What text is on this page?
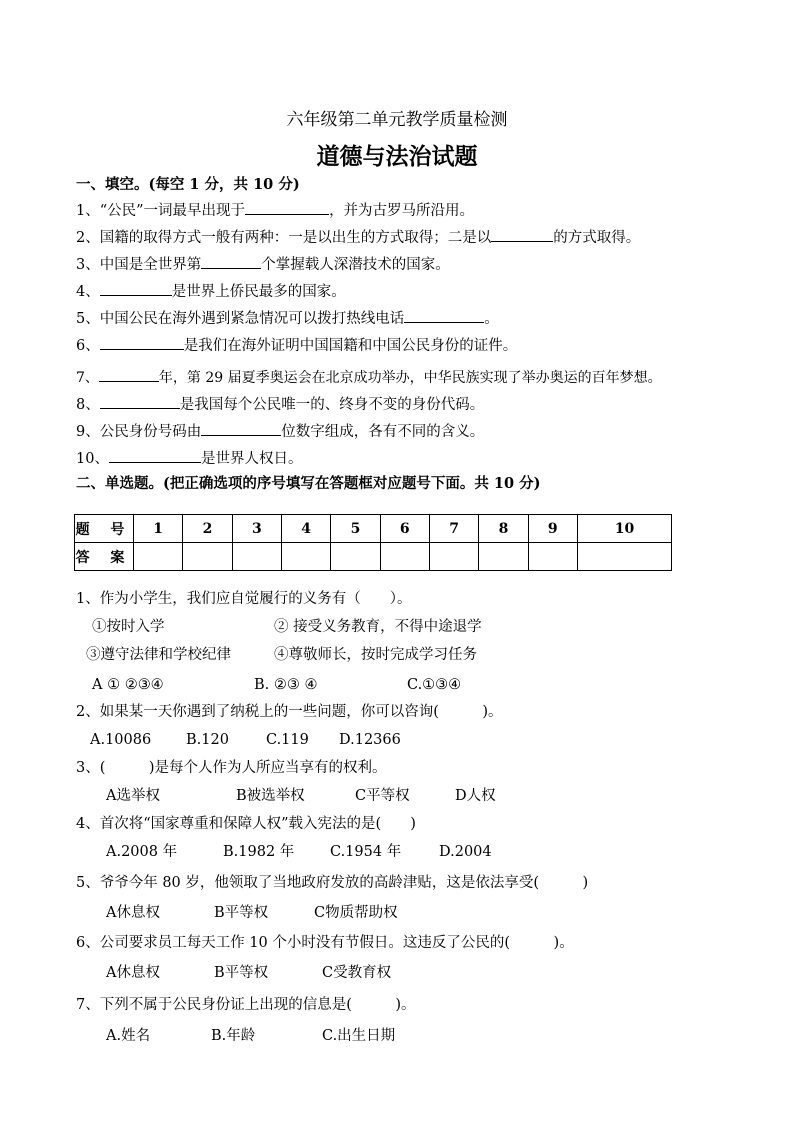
六年级第二单元教学质量检测
道德与法治试题
一、填空。(每空 1 分，共 10 分)
1、“公民”一词最早出现于	，并为古罗马所沿用。
2、国籍的取得方式一般有两种：一是以出生的方式取得；二是以	的方式取得。
3、中国是全世界第	个掌握载人深潜技术的国家。
4、	是世界上侨民最多的国家。
5、中国公民在海外遇到紧急情况可以拨打热线电话	。
6、	是我们在海外证明中国国籍和中国公民身份的证件。
7、	年，第 29 届夏季奥运会在北京成功举办，中华民族实现了举办奥运的百年梦想。
8、	是我国每个公民唯一的、终身不变的身份代码。
9、公民身份号码由	位数字组成，各有不同的含义。
10、	是世界人权日。
二、单选题。(把正确选项的序号填写在答题框对应题号下面。共 10 分)
题 号	1	2	3	4	5	6	7	8	9	10
答 案										
1、作为小学生，我们应自觉履行的义务有（　　）。
①按时入学	② 接受义务教育，不得中途退学
③遵守法律和学校纪律	④尊敬师长，按时完成学习任务
A ① ②③④	B. ②③ ④	C.①③④
2、如果某一天你遇到了纳税上的一些问题，你可以咨询(　　　)。
A.10086 B.120	C.119 D.12366
3、(　　　)是每个人作为人所应当享有的权利。
A选举权	B被选举权	C平等权	D人权
4、首次将“国家尊重和保障人权”载入宪法的是(　　)
A.2008 年	B.1982 年 C.1954 年	D.2004
5、爷爷今年 80 岁，他领取了当地政府发放的高龄津贴，这是依法享受(　　　)
A休息权	B平等权	C物质帮助权
6、公司要求员工每天工作 10 个小时没有节假日。这违反了公民的(　　　)。
A休息权	B平等权	C受教育权
7、下列不属于公民身份证上出现的信息是(　　　)。
A.姓名	B.年龄	C.出生日期
